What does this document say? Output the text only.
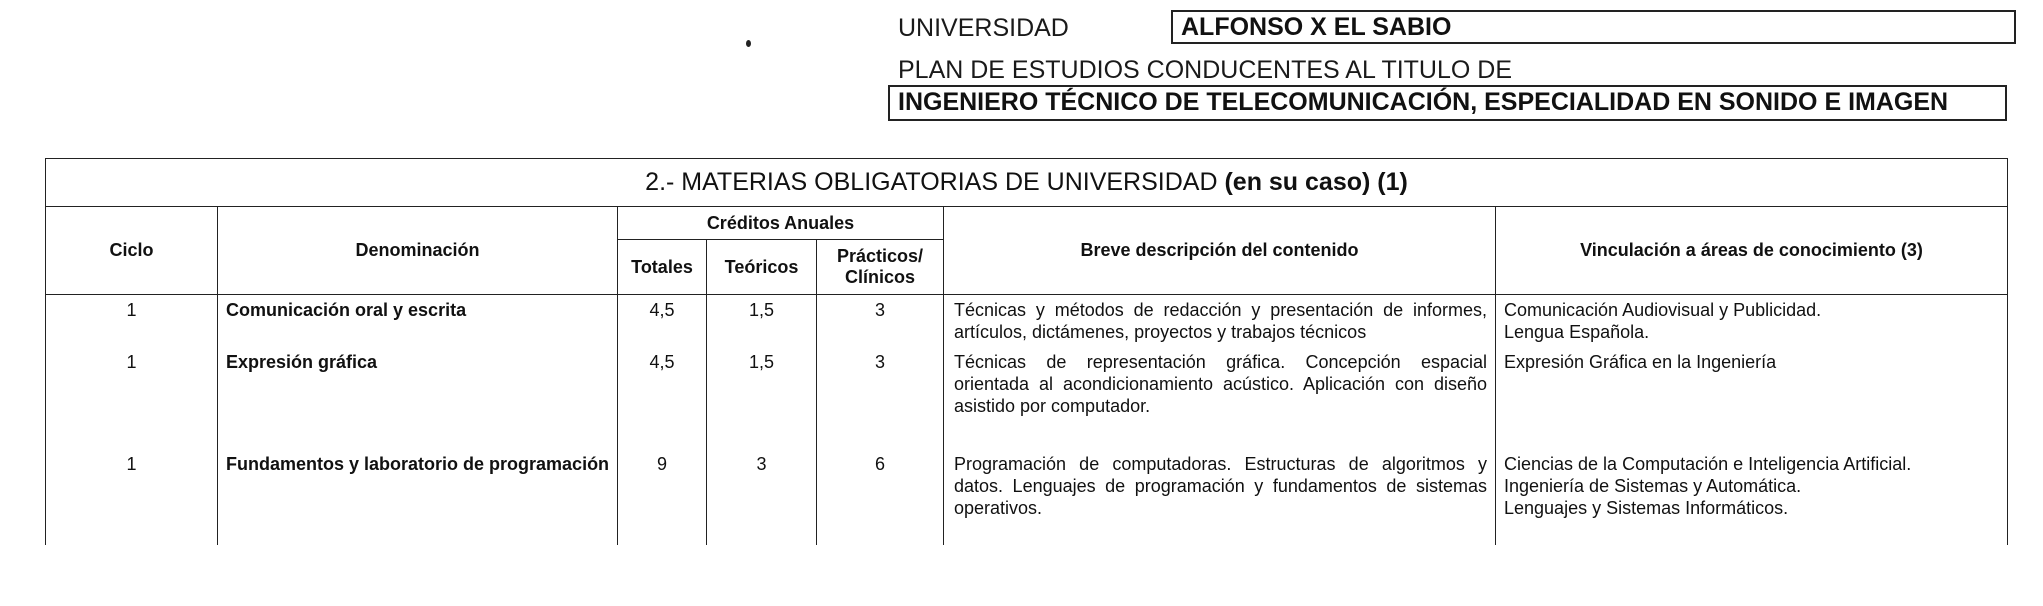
UNIVERSIDAD	ALFONSO X EL SABIO
PLAN DE ESTUDIOS CONDUCENTES AL TITULO DE
INGENIERO TÉCNICO DE TELECOMUNICACIÓN, ESPECIALIDAD EN SONIDO E IMAGEN
2.- MATERIAS OBLIGATORIAS DE UNIVERSIDAD (en su caso) (1)						
Ciclo	Denominación	Créditos Anuales			Breve descripción del contenido	Vinculación a áreas de conocimiento (3)
		Totales	Teóricos	Prácticos/ Clínicos		
1	Comunicación oral y escrita	4,5	1,5	3	Técnicas y métodos de redacción y presentación de informes, artículos, dictámenes, proyectos y trabajos técnicos	Comunicación Audiovisual y Publicidad.
Lengua Española.

1	Expresión gráfica	4,5	1,5	3	Técnicas de representación gráfica. Concepción espacial orientada al acondicionamiento acústico. Aplicación con diseño asistido por computador.	Expresión Gráfica en la Ingeniería

1	Fundamentos y laboratorio de programación	9	3	6	Programación de computadoras. Estructuras de algoritmos y datos. Lenguajes de programación y fundamentos de sistemas operativos.	Ciencias de la Computación e Inteligencia Artificial.
Ingeniería de Sistemas y Automática.
Lenguajes y Sistemas Informáticos.
